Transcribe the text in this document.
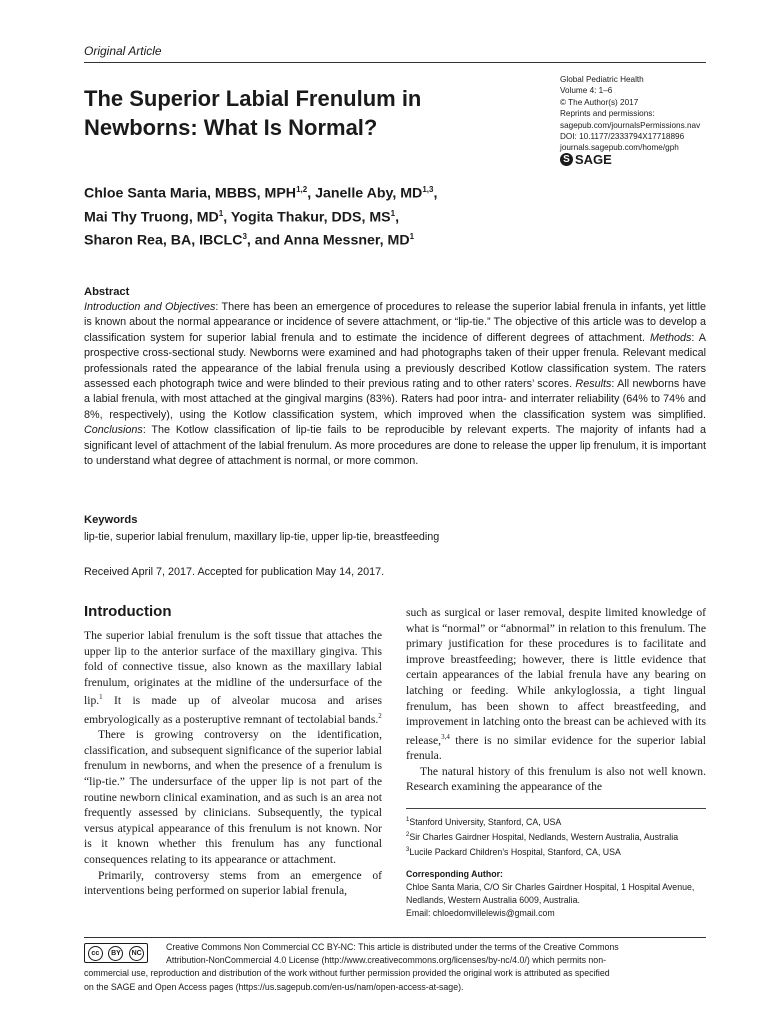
Original Article
The Superior Labial Frenulum in Newborns: What Is Normal?
Global Pediatric Health
Volume 4: 1–6
© The Author(s) 2017
Reprints and permissions:
sagepub.com/journalsPermissions.nav
DOI: 10.1177/2333794X17718896
journals.sagepub.com/home/gph
S SAGE
Chloe Santa Maria, MBBS, MPH$^{1,2}$, Janelle Aby, MD$^{1,3}$,
Mai Thy Truong, $MD^1$, Yogita Thakur, DDS, $MS^1$,
Sharon Rea, BA, IBCLC$^3$, and Anna Messner, $MD^1$
Abstract
Introduction and Objectives: There has been an emergence of procedures to release the superior labial frenula in infants, yet little is known about the normal appearance or incidence of severe attachment, or “lip-tie.” The objective of this article was to develop a classification system for superior labial frenula and to estimate the incidence of different degrees of attachment. Methods: A prospective cross-sectional study. Newborns were examined and had photographs taken of their upper frenula. Relevant medical professionals rated the appearance of the labial frenula using a previously described Kotlow classification system. The raters assessed each photograph twice and were blinded to their previous rating and to other raters’ scores. Results: All newborns have a labial frenula, with most attached at the gingival margins (83%). Raters had poor intra- and interrater reliability (64% to 74% and 8%, respectively), using the Kotlow classification system, which improved when the classification system was simplified. Conclusions: The Kotlow classification of lip-tie fails to be reproducible by relevant experts. The majority of infants had a significant level of attachment of the labial frenulum. As more procedures are done to release the upper lip frenulum, it is important to understand what degree of attachment is normal, or more common.
Keywords
lip-tie, superior labial frenulum, maxillary lip-tie, upper lip-tie, breastfeeding
Received April 7, 2017. Accepted for publication May 14, 2017.
Introduction

The superior labial frenulum is the soft tissue that attaches the upper lip to the anterior surface of the maxillary gingiva. This fold of connective tissue, also known as the maxillary labial frenulum, originates at the midline of the undersurface of the lip.$^1$ It is made up of alveolar mucosa and arises embryologically as a posteruptive remnant of tectolabial bands.$^2$

There is growing controversy on the identification, classification, and subsequent significance of the superior labial frenulum in newborns, and when the presence of a frenulum is “lip-tie.” The undersurface of the upper lip is not part of the routine newborn clinical examination, and as such is an area not frequently assessed by clinicians. Subsequently, the typical versus atypical appearance of this frenulum is not known. Nor is it known whether this frenulum has any functional consequences relating to its appearance or attachment.

Primarily, controversy stems from an emergence of interventions being performed on superior labial frenula,

such as surgical or laser removal, despite limited knowledge of what is “normal” or “abnormal” in relation to this frenulum. The primary justification for these procedures is to facilitate and improve breastfeeding; however, there is little evidence that certain appearances of the labial frenula have any bearing on latching or feeding. While ankyloglossia, a tight lingual frenulum, has been shown to affect breastfeeding, and improvement in latching onto the breast can be achieved with its release,$^{3,4}$ there is no similar evidence for the superior labial frenula.

The natural history of this frenulum is also not well known. Research examining the appearance of the

$^1$Stanford University, Stanford, CA, USA
$^2$Sir Charles Gairdner Hospital, Nedlands, Western Australia, Australia
$^3$Lucile Packard Children’s Hospital, Stanford, CA, USA
Corresponding Author:
Chloe Santa Maria, C/O Sir Charles Gairdner Hospital, 1 Hospital Avenue, Nedlands, Western Australia 6009, Australia.
Email: chloedomvillelewis@gmail.com
cc	BY	NC
Creative Commons Non Commercial CC BY-NC: This article is distributed under the terms of the Creative Commons
Attribution-NonCommercial 4.0 License (http://www.creativecommons.org/licenses/by-nc/4.0/) which permits non-
commercial use, reproduction and distribution of the work without further permission provided the original work is attributed as specified
on the SAGE and Open Access pages (https://us.sagepub.com/en-us/nam/open-access-at-sage).
